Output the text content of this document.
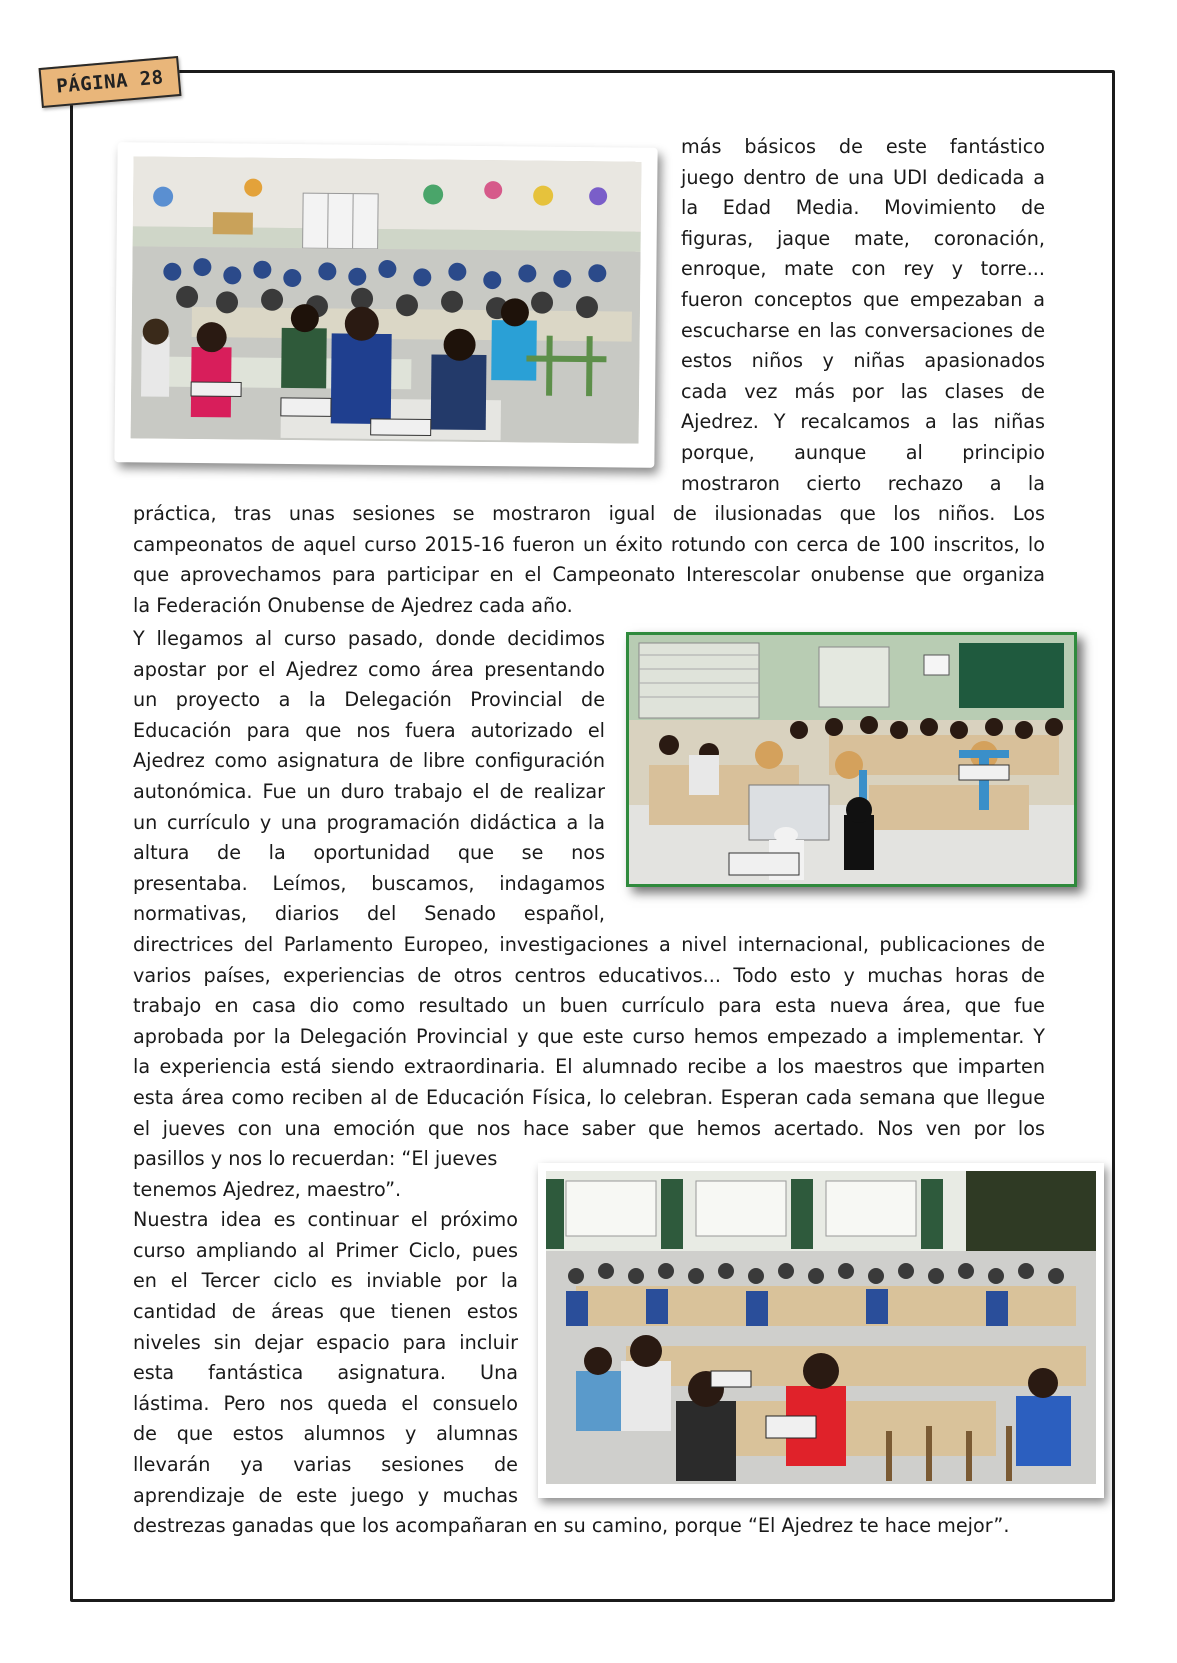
PÁGINA 28
más básicos de este fantástico
juego dentro de una UDI dedicada a
la Edad Media. Movimiento de
figuras, jaque mate, coronación,
enroque, mate con rey y torre...
fueron conceptos que empezaban a
escucharse en las conversaciones de
estos niños y niñas apasionados
cada vez más por las clases de
Ajedrez. Y recalcamos a las niñas
porque, aunque al principio
mostraron cierto rechazo a la
práctica, tras unas sesiones se mostraron igual de ilusionadas que los niños. Los
campeonatos de aquel curso 2015-16 fueron un éxito rotundo con cerca de 100 inscritos, lo
que aprovechamos para participar en el Campeonato Interescolar onubense que organiza
la Federación Onubense de Ajedrez cada año.
Y llegamos al curso pasado, donde decidimos
apostar por el Ajedrez como área presentando
un proyecto a la Delegación Provincial de
Educación para que nos fuera autorizado el
Ajedrez como asignatura de libre configuración
autonómica. Fue un duro trabajo el de realizar
un currículo y una programación didáctica a la
altura de la oportunidad que se nos
presentaba. Leímos, buscamos, indagamos
normativas, diarios del Senado español,
directrices del Parlamento Europeo, investigaciones a nivel internacional, publicaciones de
varios países, experiencias de otros centros educativos... Todo esto y muchas horas de
trabajo en casa dio como resultado un buen currículo para esta nueva área, que fue
aprobada por la Delegación Provincial y que este curso hemos empezado a implementar. Y
la experiencia está siendo extraordinaria. El alumnado recibe a los maestros que imparten
esta área como reciben al de Educación Física, lo celebran. Esperan cada semana que llegue
el jueves con una emoción que nos hace saber que hemos acertado. Nos ven por los
pasillos y nos lo recuerdan: “El jueves
tenemos Ajedrez, maestro”.
Nuestra idea es continuar el próximo
curso ampliando al Primer Ciclo, pues
en el Tercer ciclo es inviable por la
cantidad de áreas que tienen estos
niveles sin dejar espacio para incluir
esta fantástica asignatura. Una
lástima. Pero nos queda el consuelo
de que estos alumnos y alumnas
llevarán ya varias sesiones de
aprendizaje de este juego y muchas
destrezas ganadas que los acompañaran en su camino, porque “El Ajedrez te hace mejor”.
